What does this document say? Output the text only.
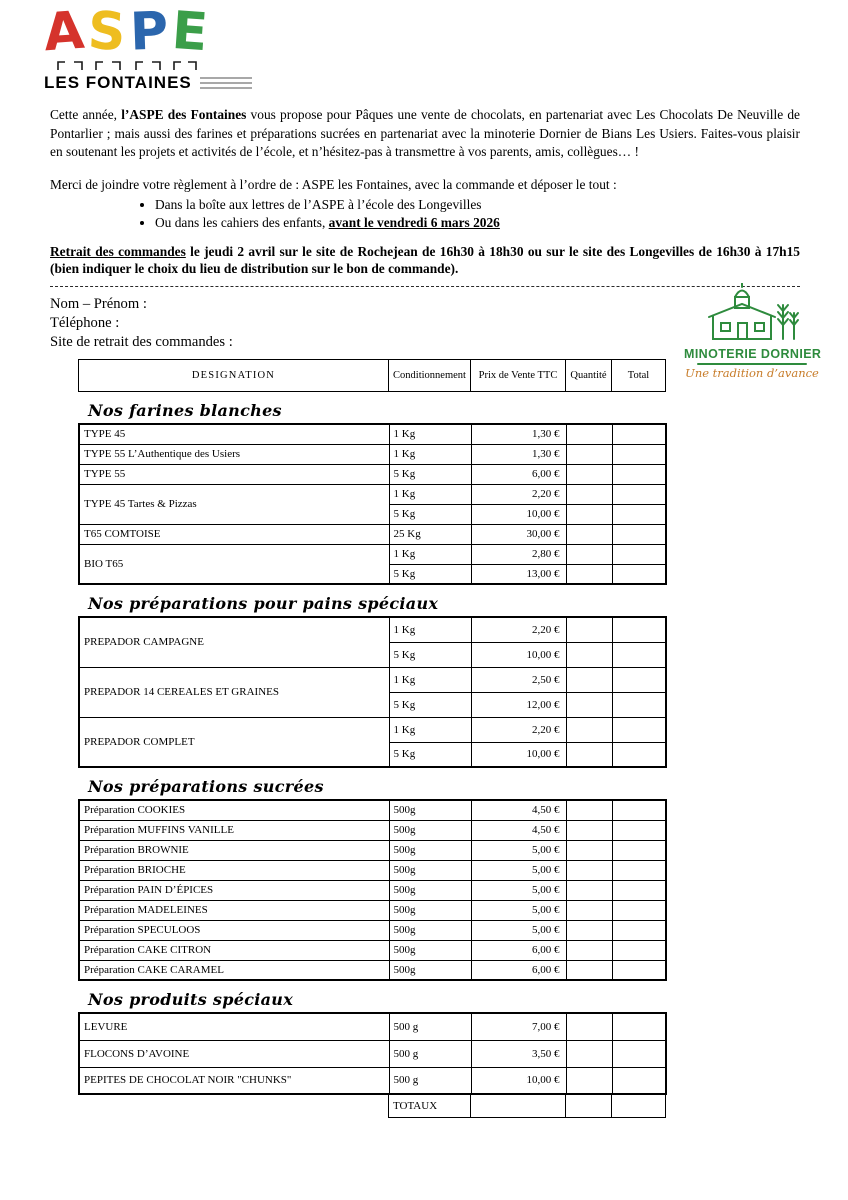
A S P E
LES FONTAINES

Cette année, l’ASPE des Fontaines vous propose pour Pâques une vente de chocolats, en partenariat avec Les Chocolats De Neuville de Pontarlier ; mais aussi des farines et préparations sucrées en partenariat avec la minoterie Dornier de Bians Les Usiers. Faites-vous plaisir en soutenant les projets et activités de l’école, et n’hésitez-pas à transmettre à vos parents, amis, collègues… !

Merci de joindre votre règlement à l’ordre de : ASPE les Fontaines, avec la commande et déposer le tout :

• Dans la boîte aux lettres de l’ASPE à l’école des Longevilles
• Ou dans les cahiers des enfants, avant le vendredi 6 mars 2026

Retrait des commandes le jeudi 2 avril sur le site de Rochejean de 16h30 à 18h30 ou sur le site des Longevilles de 16h30 à 17h15 (bien indiquer le choix du lieu de distribution sur le bon de commande).

Nom – Prénom :
Téléphone :
Site de retrait des commandes :
DESIGNATION	Conditionnement	Prix de Vente TTC	Quantité	Total
Nos farines blanches
TYPE 45	1 Kg	1,30 €		
TYPE 55 L’Authentique des Usiers	1 Kg	1,30 €		
TYPE 55	5 Kg	6,00 €		
TYPE 45 Tartes & Pizzas	1 Kg	2,20 €		
	5 Kg	10,00 €		
T65 COMTOISE	25 Kg	30,00 €		
BIO T65	1 Kg	2,80 €		
	5 Kg	13,00 €		
Nos préparations pour pains spéciaux
PREPADOR CAMPAGNE	1 Kg	2,20 €		
	5 Kg	10,00 €		
PREPADOR 14 CEREALES ET GRAINES	1 Kg	2,50 €		
	5 Kg	12,00 €		
PREPADOR COMPLET	1 Kg	2,20 €		
	5 Kg	10,00 €		
Nos préparations sucrées
Préparation COOKIES	500g	4,50 €		
Préparation MUFFINS VANILLE	500g	4,50 €		
Préparation BROWNIE	500g	5,00 €		
Préparation BRIOCHE	500g	5,00 €		
Préparation PAIN D’ÉPICES	500g	5,00 €		
Préparation MADELEINES	500g	5,00 €		
Préparation SPECULOOS	500g	5,00 €		
Préparation CAKE CITRON	500g	6,00 €		
Préparation CAKE CARAMEL	500g	6,00 €		
Nos produits spéciaux
LEVURE	500 g	7,00 €		
FLOCONS D’AVOINE	500 g	3,50 €		
PEPITES DE CHOCOLAT NOIR "CHUNKS"	500 g	10,00 €		
TOTAUX			
MINOTERIE DORNIER
Une tradition d’avance
